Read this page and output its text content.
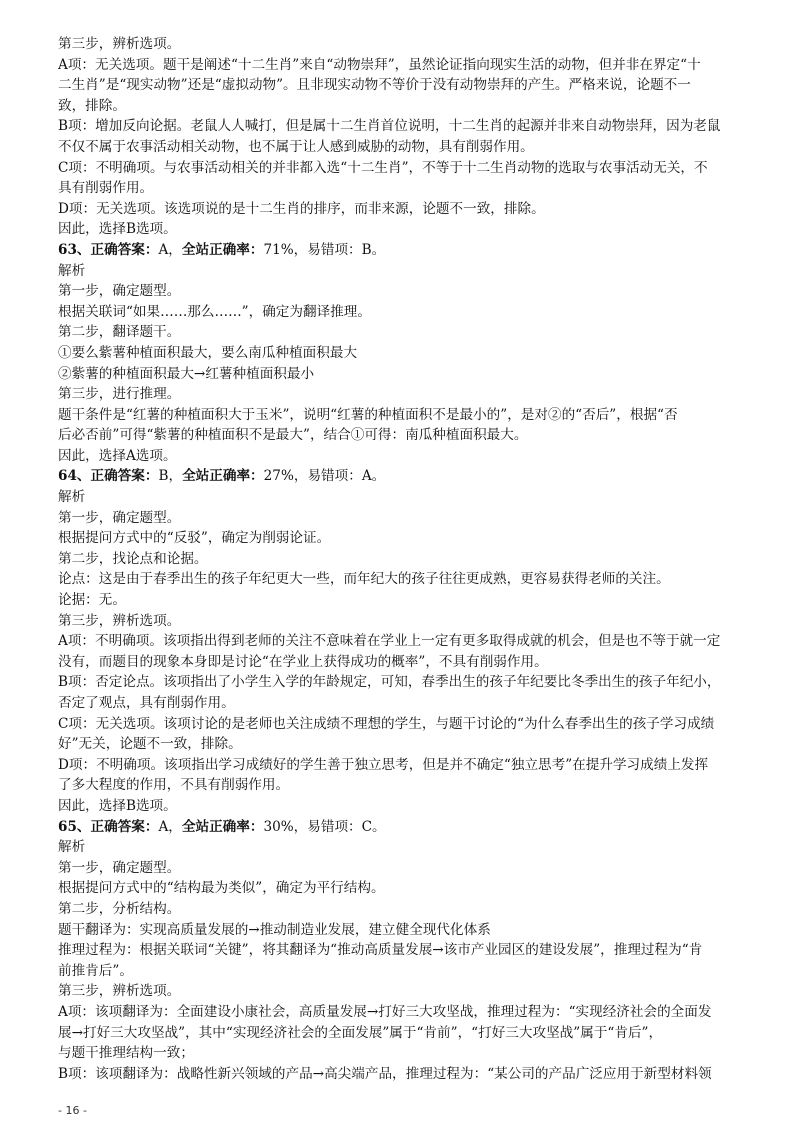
第三步，辨析选项。
A项：无关选项。题干是阐述“十二生肖”来自“动物崇拜”，虽然论证指向现实生活的动物，但并非在界定“十
二生肖”是“现实动物”还是“虚拟动物”。且非现实动物不等价于没有动物崇拜的产生。严格来说，论题不一
致，排除。
B项：增加反向论据。老鼠人人喊打，但是属十二生肖首位说明，十二生肖的起源并非来自动物崇拜，因为老鼠
不仅不属于农事活动相关动物，也不属于让人感到威胁的动物，具有削弱作用。
C项：不明确项。与农事活动相关的并非都入选“十二生肖”，不等于十二生肖动物的选取与农事活动无关，不
具有削弱作用。
D项：无关选项。该选项说的是十二生肖的排序，而非来源，论题不一致，排除。
因此，选择B选项。
63、正确答案：A，全站正确率：71%，易错项：B。
解析
第一步，确定题型。
根据关联词“如果……那么……”，确定为翻译推理。
第二步，翻译题干。
①要么紫薯种植面积最大，要么南瓜种植面积最大
②紫薯的种植面积最大→红薯种植面积最小
第三步，进行推理。
题干条件是“红薯的种植面积大于玉米”，说明“红薯的种植面积不是最小的”，是对②的“否后”，根据“否
后必否前”可得“紫薯的种植面积不是最大”，结合①可得：南瓜种植面积最大。
因此，选择A选项。
64、正确答案：B，全站正确率：27%，易错项：A。
解析
第一步，确定题型。
根据提问方式中的“反驳”，确定为削弱论证。
第二步，找论点和论据。
论点：这是由于春季出生的孩子年纪更大一些，而年纪大的孩子往往更成熟，更容易获得老师的关注。
论据：无。
第三步，辨析选项。
A项：不明确项。该项指出得到老师的关注不意味着在学业上一定有更多取得成就的机会，但是也不等于就一定
没有，而题目的现象本身即是讨论“在学业上获得成功的概率”，不具有削弱作用。
B项：否定论点。该项指出了小学生入学的年龄规定，可知，春季出生的孩子年纪要比冬季出生的孩子年纪小，
否定了观点，具有削弱作用。
C项：无关选项。该项讨论的是老师也关注成绩不理想的学生，与题干讨论的“为什么春季出生的孩子学习成绩
好”无关，论题不一致，排除。
D项：不明确项。该项指出学习成绩好的学生善于独立思考，但是并不确定“独立思考”在提升学习成绩上发挥
了多大程度的作用，不具有削弱作用。
因此，选择B选项。
65、正确答案：A，全站正确率：30%，易错项：C。
解析
第一步，确定题型。
根据提问方式中的“结构最为类似”，确定为平行结构。
第二步，分析结构。
题干翻译为：实现高质量发展的→推动制造业发展，建立健全现代化体系
推理过程为：根据关联词“关键”，将其翻译为“推动高质量发展→该市产业园区的建设发展”，推理过程为“肯
前推肯后”。
第三步，辨析选项。
A项：该项翻译为：全面建设小康社会，高质量发展→打好三大攻坚战，推理过程为：“实现经济社会的全面发
展→打好三大攻坚战”，其中“实现经济社会的全面发展”属于“肯前”，“打好三大攻坚战”属于“肯后”，
与题干推理结构一致；
B项：该项翻译为：战略性新兴领域的产品→高尖端产品，推理过程为：“某公司的产品广泛应用于新型材料领
- 16 -
